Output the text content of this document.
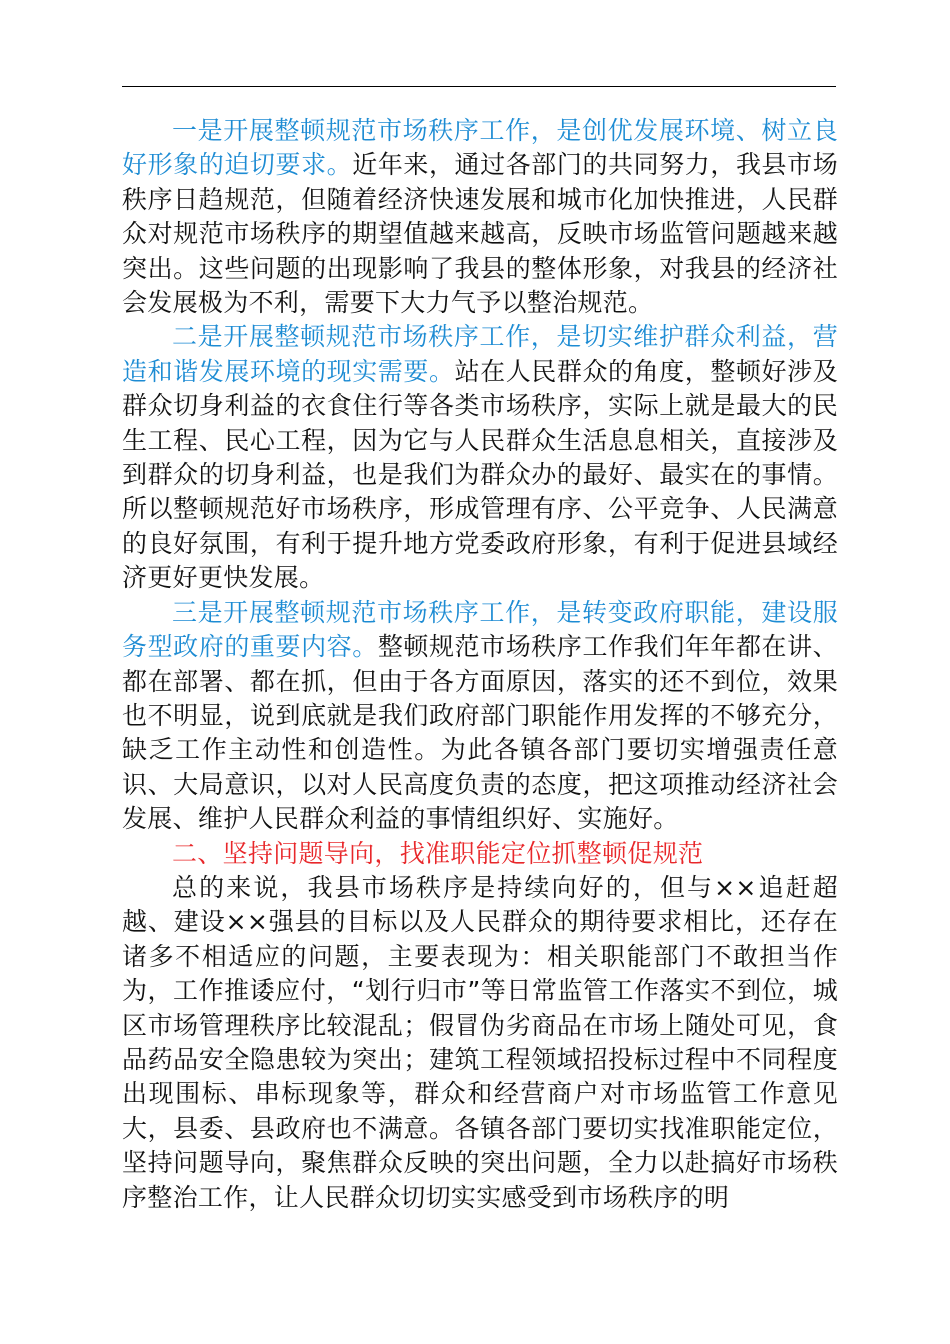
一是开展整顿规范市场秩序工作，是创优发展环境、树立良好形象的迫切要求。近年来，通过各部门的共同努力，我县市场秩序日趋规范，但随着经济快速发展和城市化加快推进，人民群众对规范市场秩序的期望值越来越高，反映市场监管问题越来越突出。这些问题的出现影响了我县的整体形象，对我县的经济社会发展极为不利，需要下大力气予以整治规范。

二是开展整顿规范市场秩序工作，是切实维护群众利益，营造和谐发展环境的现实需要。站在人民群众的角度，整顿好涉及群众切身利益的衣食住行等各类市场秩序，实际上就是最大的民生工程、民心工程，因为它与人民群众生活息息相关，直接涉及到群众的切身利益，也是我们为群众办的最好、最实在的事情。所以整顿规范好市场秩序，形成管理有序、公平竞争、人民满意的良好氛围，有利于提升地方党委政府形象，有利于促进县域经济更好更快发展。

三是开展整顿规范市场秩序工作，是转变政府职能，建设服务型政府的重要内容。整顿规范市场秩序工作我们年年都在讲、都在部署、都在抓，但由于各方面原因，落实的还不到位，效果也不明显，说到底就是我们政府部门职能作用发挥的不够充分，缺乏工作主动性和创造性。为此各镇各部门要切实增强责任意识、大局意识，以对人民高度负责的态度，把这项推动经济社会发展、维护人民群众利益的事情组织好、实施好。

二、坚持问题导向，找准职能定位抓整顿促规范

总的来说，我县市场秩序是持续向好的，但与××追赶超越、建设××强县的目标以及人民群众的期待要求相比，还存在诸多不相适应的问题，主要表现为：相关职能部门不敢担当作为，工作推诿应付，“划行归市”等日常监管工作落实不到位，城区市场管理秩序比较混乱；假冒伪劣商品在市场上随处可见，食品药品安全隐患较为突出；建筑工程领域招投标过程中不同程度出现围标、串标现象等，群众和经营商户对市场监管工作意见大，县委、县政府也不满意。各镇各部门要切实找准职能定位，坚持问题导向，聚焦群众反映的突出问题，全力以赴搞好市场秩序整治工作，让人民群众切切实实感受到市场秩序的明
